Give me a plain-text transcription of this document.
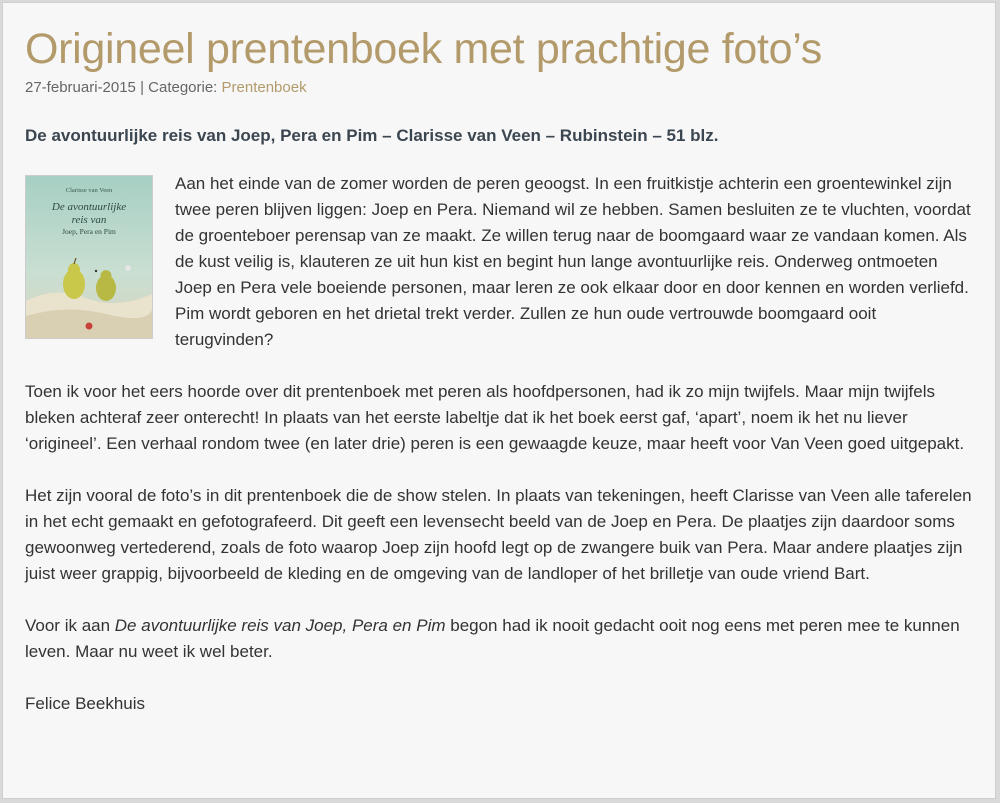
Origineel prentenboek met prachtige foto’s
27-februari-2015 | Categorie: Prentenboek
De avontuurlijke reis van Joep, Pera en Pim – Clarisse van Veen – Rubinstein – 51 blz.
Clarisse van Veen
De avontuurlijke
reis van
Joep, Pera en Pim

Aan het einde van de zomer worden de peren geoogst. In een fruitkistje achterin een groentewinkel zijn twee peren blijven liggen: Joep en Pera. Niemand wil ze hebben. Samen besluiten ze te vluchten, voordat de groenteboer perensap van ze maakt. Ze willen terug naar de boomgaard waar ze vandaan komen. Als de kust veilig is, klauteren ze uit hun kist en begint hun lange avontuurlijke reis. Onderweg ontmoeten Joep en Pera vele boeiende personen, maar leren ze ook elkaar door en door kennen en worden verliefd. Pim wordt geboren en het drietal trekt verder. Zullen ze hun oude vertrouwde boomgaard ooit terugvinden?

Toen ik voor het eers hoorde over dit prentenboek met peren als hoofdpersonen, had ik zo mijn twijfels. Maar mijn twijfels bleken achteraf zeer onterecht! In plaats van het eerste labeltje dat ik het boek eerst gaf, ‘apart’, noem ik het nu liever ‘origineel’. Een verhaal rondom twee (en later drie) peren is een gewaagde keuze, maar heeft voor Van Veen goed uitgepakt.

Het zijn vooral de foto’s in dit prentenboek die de show stelen. In plaats van tekeningen, heeft Clarisse van Veen alle taferelen in het echt gemaakt en gefotografeerd. Dit geeft een levensecht beeld van de Joep en Pera. De plaatjes zijn daardoor soms gewoonweg vertederend, zoals de foto waarop Joep zijn hoofd legt op de zwangere buik van Pera. Maar andere plaatjes zijn juist weer grappig, bijvoorbeeld de kleding en de omgeving van de landloper of het brilletje van oude vriend Bart.

Voor ik aan De avontuurlijke reis van Joep, Pera en Pim begon had ik nooit gedacht ooit nog eens met peren mee te kunnen leven. Maar nu weet ik wel beter.

Felice Beekhuis
